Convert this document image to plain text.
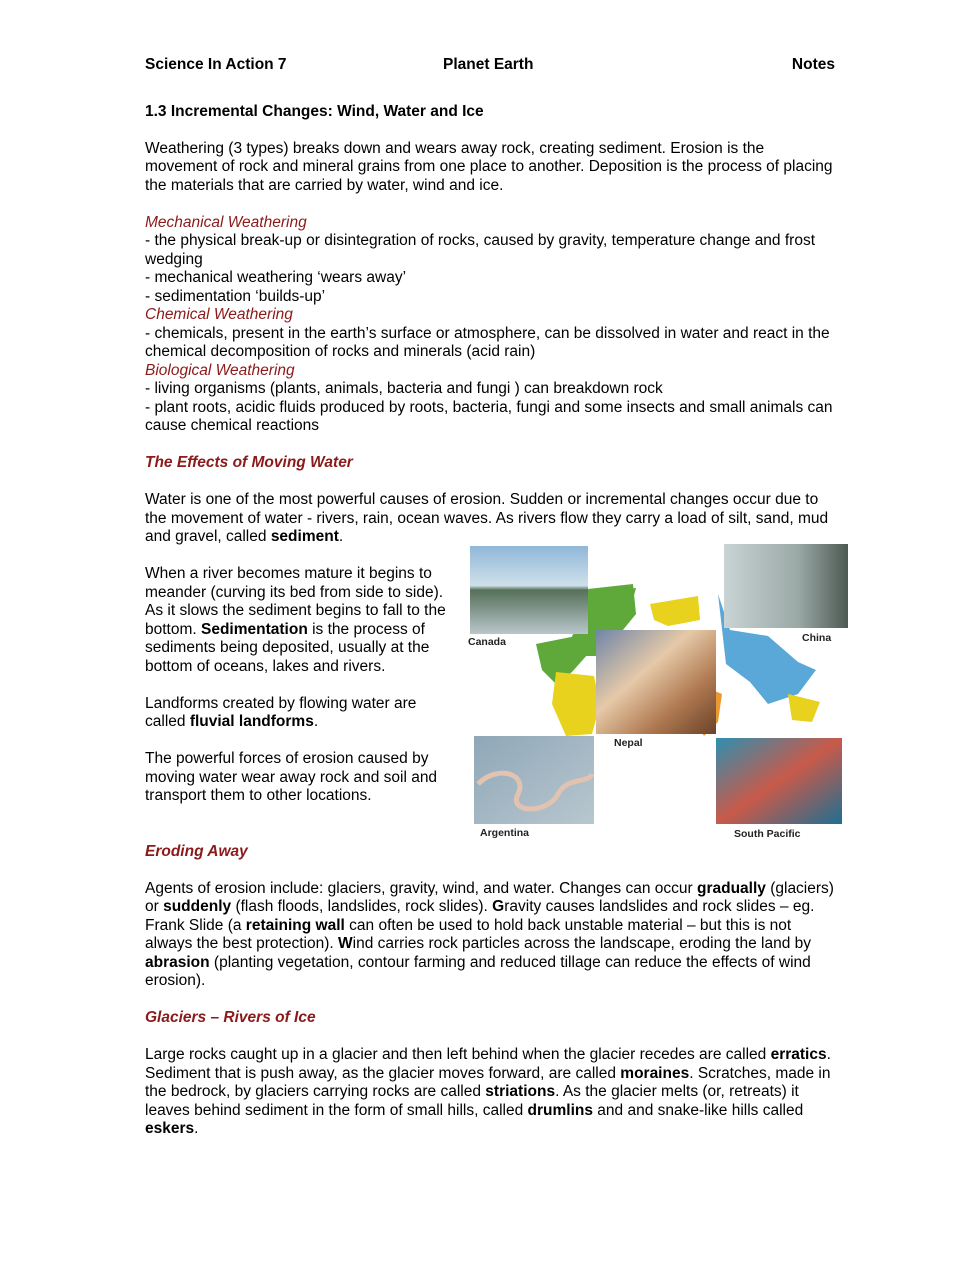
Science In Action 7	Planet Earth	Notes
1.3 Incremental Changes: Wind, Water and Ice

Weathering (3 types) breaks down and wears away rock, creating sediment. Erosion is the movement of rock and mineral grains from one place to another. Deposition is the process of placing the materials that are carried by water, wind and ice.

Mechanical Weathering

- the physical break-up or disintegration of rocks, caused by gravity, temperature change and frost wedging

- mechanical weathering ‘wears away’

- sedimentation ‘builds-up’

Chemical Weathering

- chemicals, present in the earth’s surface or atmosphere, can be dissolved in water and react in the chemical decomposition of rocks and minerals (acid rain)

Biological Weathering

- living organisms (plants, animals, bacteria and fungi ) can breakdown rock

- plant roots, acidic fluids produced by roots, bacteria, fungi and some insects and small animals can cause chemical reactions

The Effects of Moving Water

Water is one of the most powerful causes of erosion. Sudden or incremental changes occur due to the movement of water - rivers, rain, ocean waves. As rivers flow they carry a load of silt, sand, mud and gravel, called sediment.

When a river becomes mature it begins to meander (curving its bed from side to side). As it slows the sediment begins to fall to the bottom. Sedimentation is the process of sediments being deposited, usually at the bottom of oceans, lakes and rivers.

Landforms created by flowing water are called fluvial landforms.

The powerful forces of erosion caused by moving water wear away rock and soil and transport them to other locations.

Eroding Away

Agents of erosion include: glaciers, gravity, wind, and water. Changes can occur gradually (glaciers) or suddenly (flash floods, landslides, rock slides). Gravity causes landslides and rock slides – eg. Frank Slide (a retaining wall can often be used to hold back unstable material – but this is not always the best protection). Wind carries rock particles across the landscape, eroding the land by abrasion (planting vegetation, contour farming and reduced tillage can reduce the effects of wind erosion).

Glaciers – Rivers of Ice

Large rocks caught up in a glacier and then left behind when the glacier recedes are called erratics. Sediment that is push away, as the glacier moves forward, are called moraines. Scratches, made in the bedrock, by glaciers carrying rocks are called striations. As the glacier melts (or, retreats) it leaves behind sediment in the form of small hills, called drumlins and and snake-like hills called eskers.

Canada	China
Nepal
Argentina	South Pacific
